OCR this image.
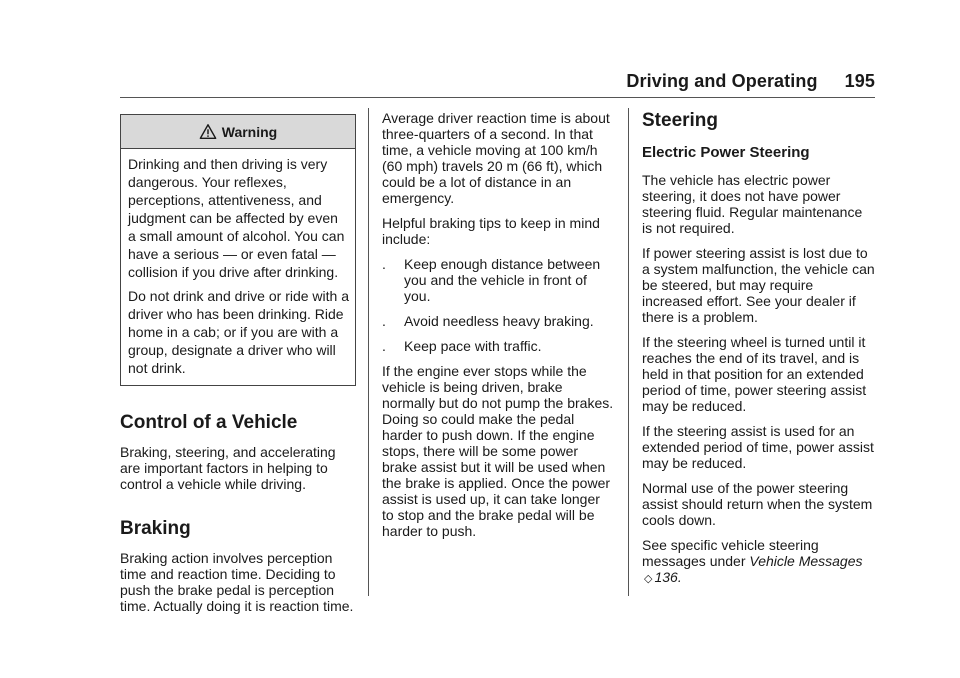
Driving and Operating 195
Warning

Drinking and then driving is very dangerous. Your reflexes, perceptions, attentiveness, and judgment can be affected by even a small amount of alcohol. You can have a serious — or even fatal — collision if you drive after drinking.

Do not drink and drive or ride with a driver who has been drinking. Ride home in a cab; or if you are with a group, designate a driver who will not drink.

Control of a Vehicle

Braking, steering, and accelerating are important factors in helping to control a vehicle while driving.

Braking

Braking action involves perception time and reaction time. Deciding to push the brake pedal is perception time. Actually doing it is reaction time.

Average driver reaction time is about three-quarters of a second. In that time, a vehicle moving at 100 km/h (60 mph) travels 20 m (66 ft), which could be a lot of distance in an emergency.

Helpful braking tips to keep in mind include:

.	Keep enough distance between you and the vehicle in front of you.
.	Avoid needless heavy braking.
.	Keep pace with traffic.

If the engine ever stops while the vehicle is being driven, brake normally but do not pump the brakes. Doing so could make the pedal harder to push down. If the engine stops, there will be some power brake assist but it will be used when the brake is applied. Once the power assist is used up, it can take longer to stop and the brake pedal will be harder to push.

Steering
Electric Power Steering

The vehicle has electric power steering, it does not have power steering fluid. Regular maintenance is not required.

If power steering assist is lost due to a system malfunction, the vehicle can be steered, but may require increased effort. See your dealer if there is a problem.

If the steering wheel is turned until it reaches the end of its travel, and is held in that position for an extended period of time, power steering assist may be reduced.

If the steering assist is used for an extended period of time, power assist may be reduced.

Normal use of the power steering assist should return when the system cools down.

See specific vehicle steering messages under Vehicle Messages ◇ 136.
